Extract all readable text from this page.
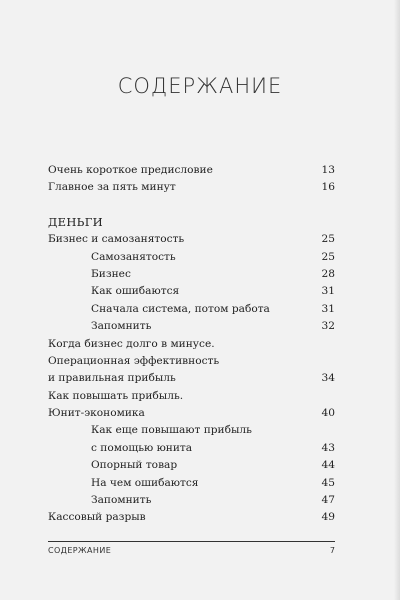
СОДЕРЖАНИЕ
Очень короткое предисловие	13
Главное за пять минут	16
ДЕНЬГИ
Бизнес и самозанятость	25
Самозанятость	25
Бизнес	28
Как ошибаются	31
Сначала система, потом работа	31
Запомнить	32
Когда бизнес долго в минусе.
Операционная эффективность
и правильная прибыль	34
Как повышать прибыль.
Юнит-экономика	40
Как еще повышают прибыль
с помощью юнита	43
Опорный товар	44
На чем ошибаются	45
Запомнить	47
Кассовый разрыв	49
СОДЕРЖАНИЕ	7
